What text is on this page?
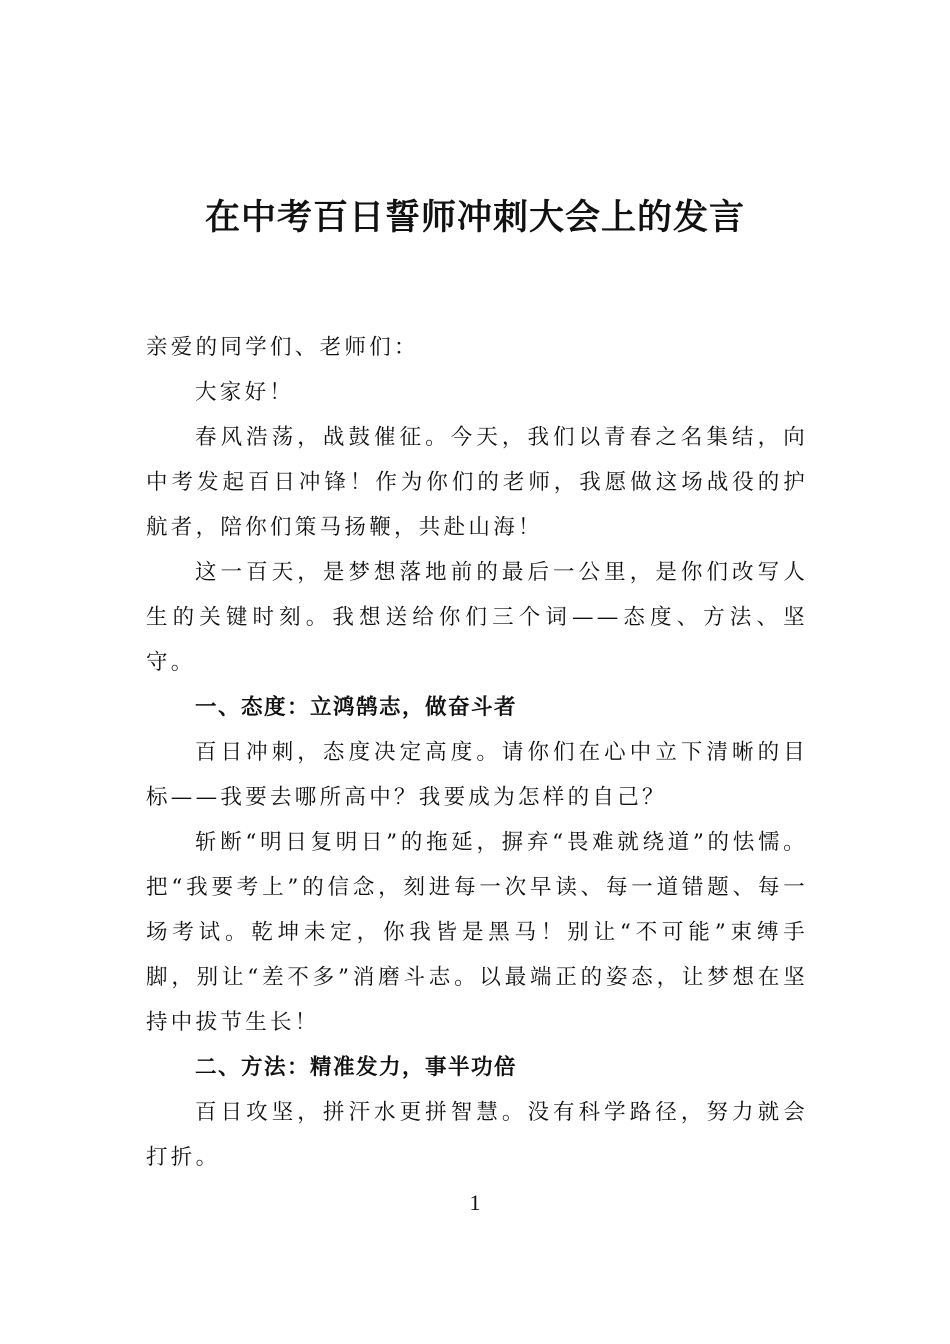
在中考百日誓师冲刺大会上的发言

亲爱的同学们、老师们：

大家好！

春风浩荡，战鼓催征。今天，我们以青春之名集结，向中考发起百日冲锋！作为你们的老师，我愿做这场战役的护航者，陪你们策马扬鞭，共赴山海！

这一百天，是梦想落地前的最后一公里，是你们改写人生的关键时刻。我想送给你们三个词——态度、方法、坚守。

一、态度：立鸿鹄志，做奋斗者

百日冲刺，态度决定高度。请你们在心中立下清晰的目标——我要去哪所高中？我要成为怎样的自己？

斩断“明日复明日”的拖延，摒弃“畏难就绕道”的怯懦。把“我要考上”的信念，刻进每一次早读、每一道错题、每一场考试。乾坤未定，你我皆是黑马！别让“不可能”束缚手脚，别让“差不多”消磨斗志。以最端正的姿态，让梦想在坚持中拔节生长！

二、方法：精准发力，事半功倍

百日攻坚，拼汗水更拼智慧。没有科学路径，努力就会打折。

1
